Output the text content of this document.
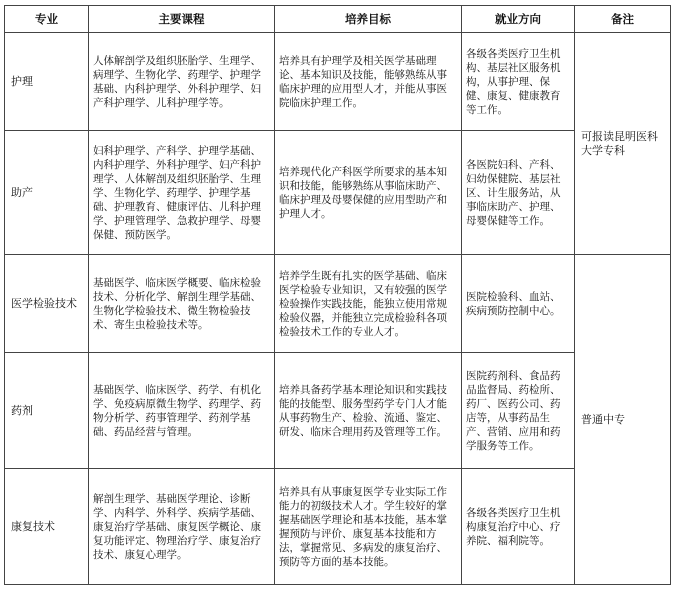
专业	主要课程	培养目标	就业方向	备注
护理	人体解剖学及组织胚胎学、生理学、病理学、生物化学、药理学、护理学基础、内科护理学、外科护理学、妇产科护理学、儿科护理学等。	培养具有护理学及相关医学基础理论、基本知识及技能，能够熟练从事临床护理的应用型人才，并能从事医院临床护理工作。	各级各类医疗卫生机构、基层社区服务机构，从事护理、保健、康复、健康教育等工作。	可报读昆明医科大学专科
助产	妇科护理学、产科学、护理学基础、内科护理学、外科护理学、妇产科护理学、人体解剖及组织胚胎学、生理学、生物化学、药理学、护理学基础、护理教育、健康评估、儿科护理学、护理管理学、急救护理学、母婴保健、预防医学。	培养现代化产科医学所要求的基本知识和技能，能够熟练从事临床助产、临床护理及母婴保健的应用型助产和护理人才。	各医院妇科、产科、妇幼保健院、基层社区、计生服务站，从事临床助产、护理、母婴保健等工作。	
医学检验技术	基础医学、临床医学概要、临床检验技术、分析化学、解剖生理学基础、生物化学检验技术、微生物检验技术、寄生虫检验技术等。	培养学生既有扎实的医学基础、临床医学检验专业知识，又有较强的医学检验操作实践技能，能独立使用常规检验仪器，并能独立完成检验科各项检验技术工作的专业人才。	医院检验科、血站、疾病预防控制中心。	普通中专
药剂	基础医学、临床医学、药学、有机化学、免疫病原微生物学、药理学、药物分析学、药事管理学、药剂学基础、药品经营与管理。	培养具备药学基本理论知识和实践技能的技能型、服务型药学专门人才能从事药物生产、检验、流通、鉴定、研发、临床合理用药及管理等工作。	医院药剂科、食品药品监督局、药检所、药厂、医药公司、药店等，从事药品生产、营销、应用和药学服务等工作。	
康复技术	解剖生理学、基础医学理论、诊断学、内科学、外科学、疾病学基础、康复治疗学基础、康复医学概论、康复功能评定、物理治疗学、康复治疗技术、康复心理学。	培养具有从事康复医学专业实际工作能力的初级技术人才。学生较好的掌握基础医学理论和基本技能，基本掌握预防与评价、康复基本技能和方法，掌握常见、多病发的康复治疗、预防等方面的基本技能。	各级各类医疗卫生机构康复治疗中心、疗养院、福利院等。	
